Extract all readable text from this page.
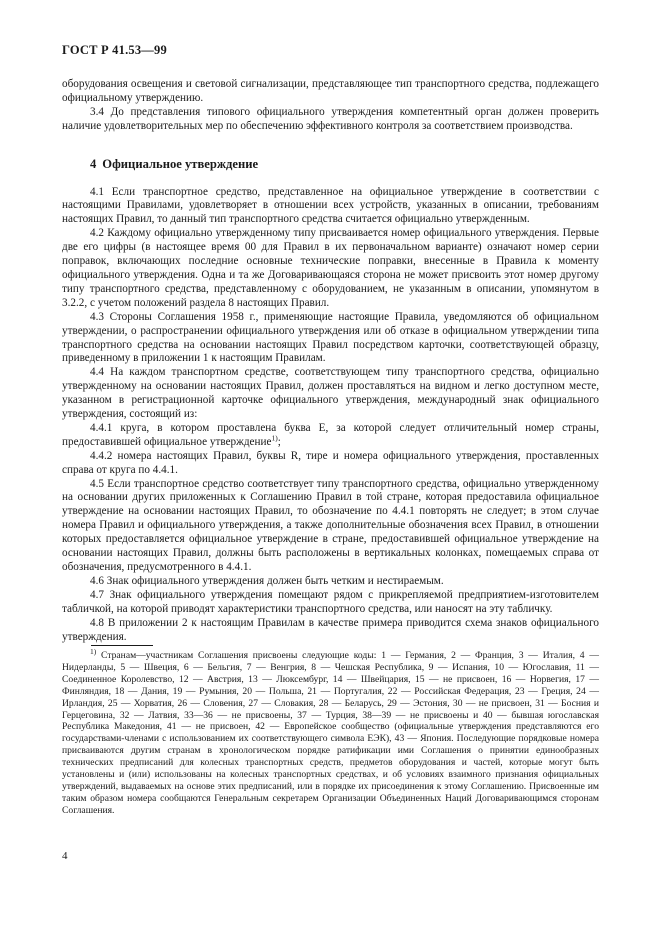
ГОСТ Р 41.53—99

оборудования освещения и световой сигнализации, представляющее тип транспортного средства, подлежащего официальному утверждению.

3.4 До представления типового официального утверждения компетентный орган должен проверить наличие удовлетворительных мер по обеспечению эффективного контроля за соответствием производства.

4 Официальное утверждение

4.1 Если транспортное средство, представленное на официальное утверждение в соответствии с настоящими Правилами, удовлетворяет в отношении всех устройств, указанных в описании, требованиям настоящих Правил, то данный тип транспортного средства считается официально утвержденным.

4.2 Каждому официально утвержденному типу присваивается номер официального утверждения. Первые две его цифры (в настоящее время 00 для Правил в их первоначальном варианте) означают номер серии поправок, включающих последние основные технические поправки, внесенные в Правила к моменту официального утверждения. Одна и та же Договаривающаяся сторона не может присвоить этот номер другому типу транспортного средства, представленному с оборудованием, не указанным в описании, упомянутом в 3.2.2, с учетом положений раздела 8 настоящих Правил.

4.3 Стороны Соглашения 1958 г., применяющие настоящие Правила, уведомляются об официальном утверждении, о распространении официального утверждения или об отказе в официальном утверждении типа транспортного средства на основании настоящих Правил посредством карточки, соответствующей образцу, приведенному в приложении 1 к настоящим Правилам.

4.4 На каждом транспортном средстве, соответствующем типу транспортного средства, официально утвержденному на основании настоящих Правил, должен проставляться на видном и легко доступном месте, указанном в регистрационной карточке официального утверждения, международный знак официального утверждения, состоящий из:

4.4.1 круга, в котором проставлена буква E, за которой следует отличительный номер страны, предоставившей официальное утверждение$^{1)}$;

4.4.2 номера настоящих Правил, буквы R, тире и номера официального утверждения, проставленных справа от круга по 4.4.1.

4.5 Если транспортное средство соответствует типу транспортного средства, официально утвержденному на основании других приложенных к Соглашению Правил в той стране, которая предоставила официальное утверждение на основании настоящих Правил, то обозначение по 4.4.1 повторять не следует; в этом случае номера Правил и официального утверждения, а также дополнительные обозначения всех Правил, в отношении которых предоставляется официальное утверждение в стране, предоставившей официальное утверждение на основании настоящих Правил, должны быть расположены в вертикальных колонках, помещаемых справа от обозначения, предусмотренного в 4.4.1.

4.6 Знак официального утверждения должен быть четким и нестираемым.

4.7 Знак официального утверждения помещают рядом с прикрепляемой предприятием-изготовителем табличкой, на которой приводят характеристики транспортного средства, или наносят на эту табличку.

4.8 В приложении 2 к настоящим Правилам в качестве примера приводится схема знаков официального утверждения.

$^{1)}$ Странам—участникам Соглашения присвоены следующие коды: 1 — Германия, 2 — Франция, 3 — Италия, 4 — Нидерланды, 5 — Швеция, 6 — Бельгия, 7 — Венгрия, 8 — Чешская Республика, 9 — Испания, 10 — Югославия, 11 — Соединенное Королевство, 12 — Австрия, 13 — Люксембург, 14 — Швейцария, 15 — не присвоен, 16 — Норвегия, 17 — Финляндия, 18 — Дания, 19 — Румыния, 20 — Польша, 21 — Португалия, 22 — Российская Федерация, 23 — Греция, 24 — Ирландия, 25 — Хорватия, 26 — Словения, 27 — Словакия, 28 — Беларусь, 29 — Эстония, 30 — не присвоен, 31 — Босния и Герцеговина, 32 — Латвия, 33—36 — не присвоены, 37 — Турция, 38—39 — не присвоены и 40 — бывшая югославская Республика Македония, 41 — не присвоен, 42 — Европейское сообщество (официальные утверждения представляются его государствами-членами с использованием их соответствующего символа ЕЭК), 43 — Япония. Последующие порядковые номера присваиваются другим странам в хронологическом порядке ратификации ими Соглашения о принятии единообразных технических предписаний для колесных транспортных средств, предметов оборудования и частей, которые могут быть установлены и (или) использованы на колесных транспортных средствах, и об условиях взаимного признания официальных утверждений, выдаваемых на основе этих предписаний, или в порядке их присоединения к этому Соглашению. Присвоенные им таким образом номера сообщаются Генеральным секретарем Организации Объединенных Наций Договаривающимся сторонам Соглашения.

4
